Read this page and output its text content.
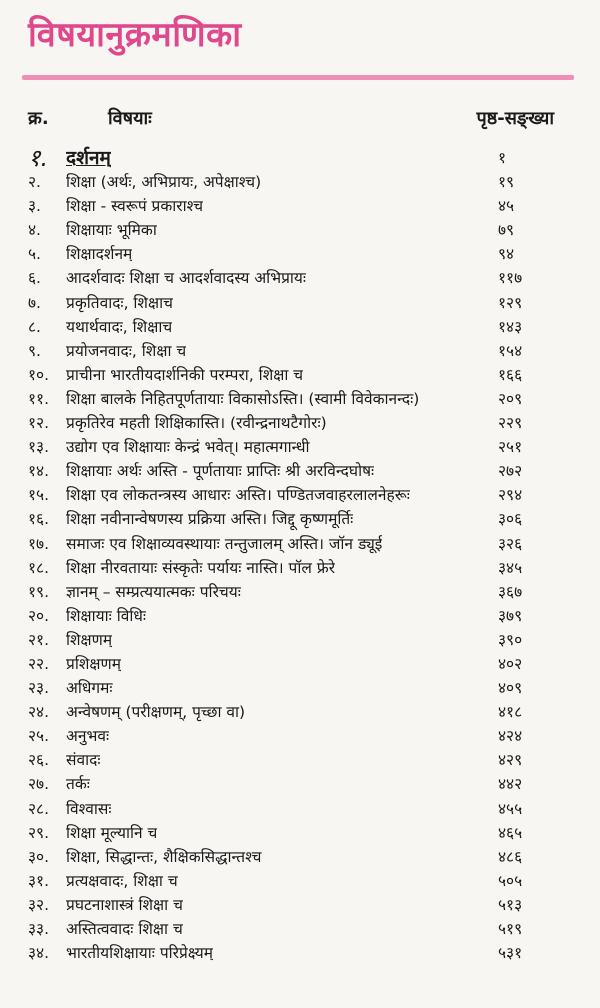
विषयानुक्रमणिका
क्र.	विषयाः	पृष्ठ-सङ्ख्या
१. दर्शनम्	१
२.	शिक्षा (अर्थः, अभिप्रायः, अपेक्षाश्च)	१९
३.	शिक्षा - स्वरूपं प्रकाराश्च	४५
४.	शिक्षायाः भूमिका	७९
५.	शिक्षादर्शनम्	९४
६.	आदर्शवादः शिक्षा च आदर्शवादस्य अभिप्रायः	११७
७.	प्रकृतिवादः, शिक्षाच	१२९
८.	यथार्थवादः, शिक्षाच	१४३
९.	प्रयोजनवादः, शिक्षा च	१५४
१०.	प्राचीना भारतीयदार्शनिकी परम्परा, शिक्षा च	१६६
११.	शिक्षा बालके निहितपूर्णतायाः विकासोऽस्ति। (स्वामी विवेकानन्दः)	२०९
१२.	प्रकृतिरेव महती शिक्षिकास्ति। (रवीन्द्रनाथटैगोरः)	२२९
१३.	उद्योग एव शिक्षायाः केन्द्रं भवेत्। महात्मगान्धी	२५१
१४.	शिक्षायाः अर्थः अस्ति - पूर्णतायाः प्राप्तिः श्री अरविन्दघोषः	२७२
१५.	शिक्षा एव लोकतन्त्रस्य आधारः अस्ति। पण्डितजवाहरलालनेहरूः	२९४
१६.	शिक्षा नवीनान्वेषणस्य प्रक्रिया अस्ति। जिद्दू कृष्णमूर्तिः	३०६
१७.	समाजः एव शिक्षाव्यवस्थायाः तन्तुजालम् अस्ति। जॉन ड्यूई	३२६
१८.	शिक्षा नीरवतायाः संस्कृतेः पर्यायः नास्ति। पॉल फ्रेरे	३४५
१९.	ज्ञानम् – सम्प्रत्ययात्मकः परिचयः	३६७
२०.	शिक्षायाः विधिः	३७९
२१.	शिक्षणम्	३९०
२२.	प्रशिक्षणम्	४०२
२३.	अधिगमः	४०९
२४.	अन्वेषणम् (परीक्षणम्, पृच्छा वा)	४१८
२५.	अनुभवः	४२४
२६.	संवादः	४२९
२७.	तर्कः	४४२
२८.	विश्वासः	४५५
२९.	शिक्षा मूल्यानि च	४६५
३०.	शिक्षा, सिद्धान्तः, शैक्षिकसिद्धान्तश्च	४८६
३१.	प्रत्यक्षवादः, शिक्षा च	५०५
३२.	प्रघटनाशास्त्रं शिक्षा च	५१३
३३.	अस्तित्ववादः शिक्षा च	५१९
३४.	भारतीयशिक्षायाः परिप्रेक्ष्यम्	५३१
